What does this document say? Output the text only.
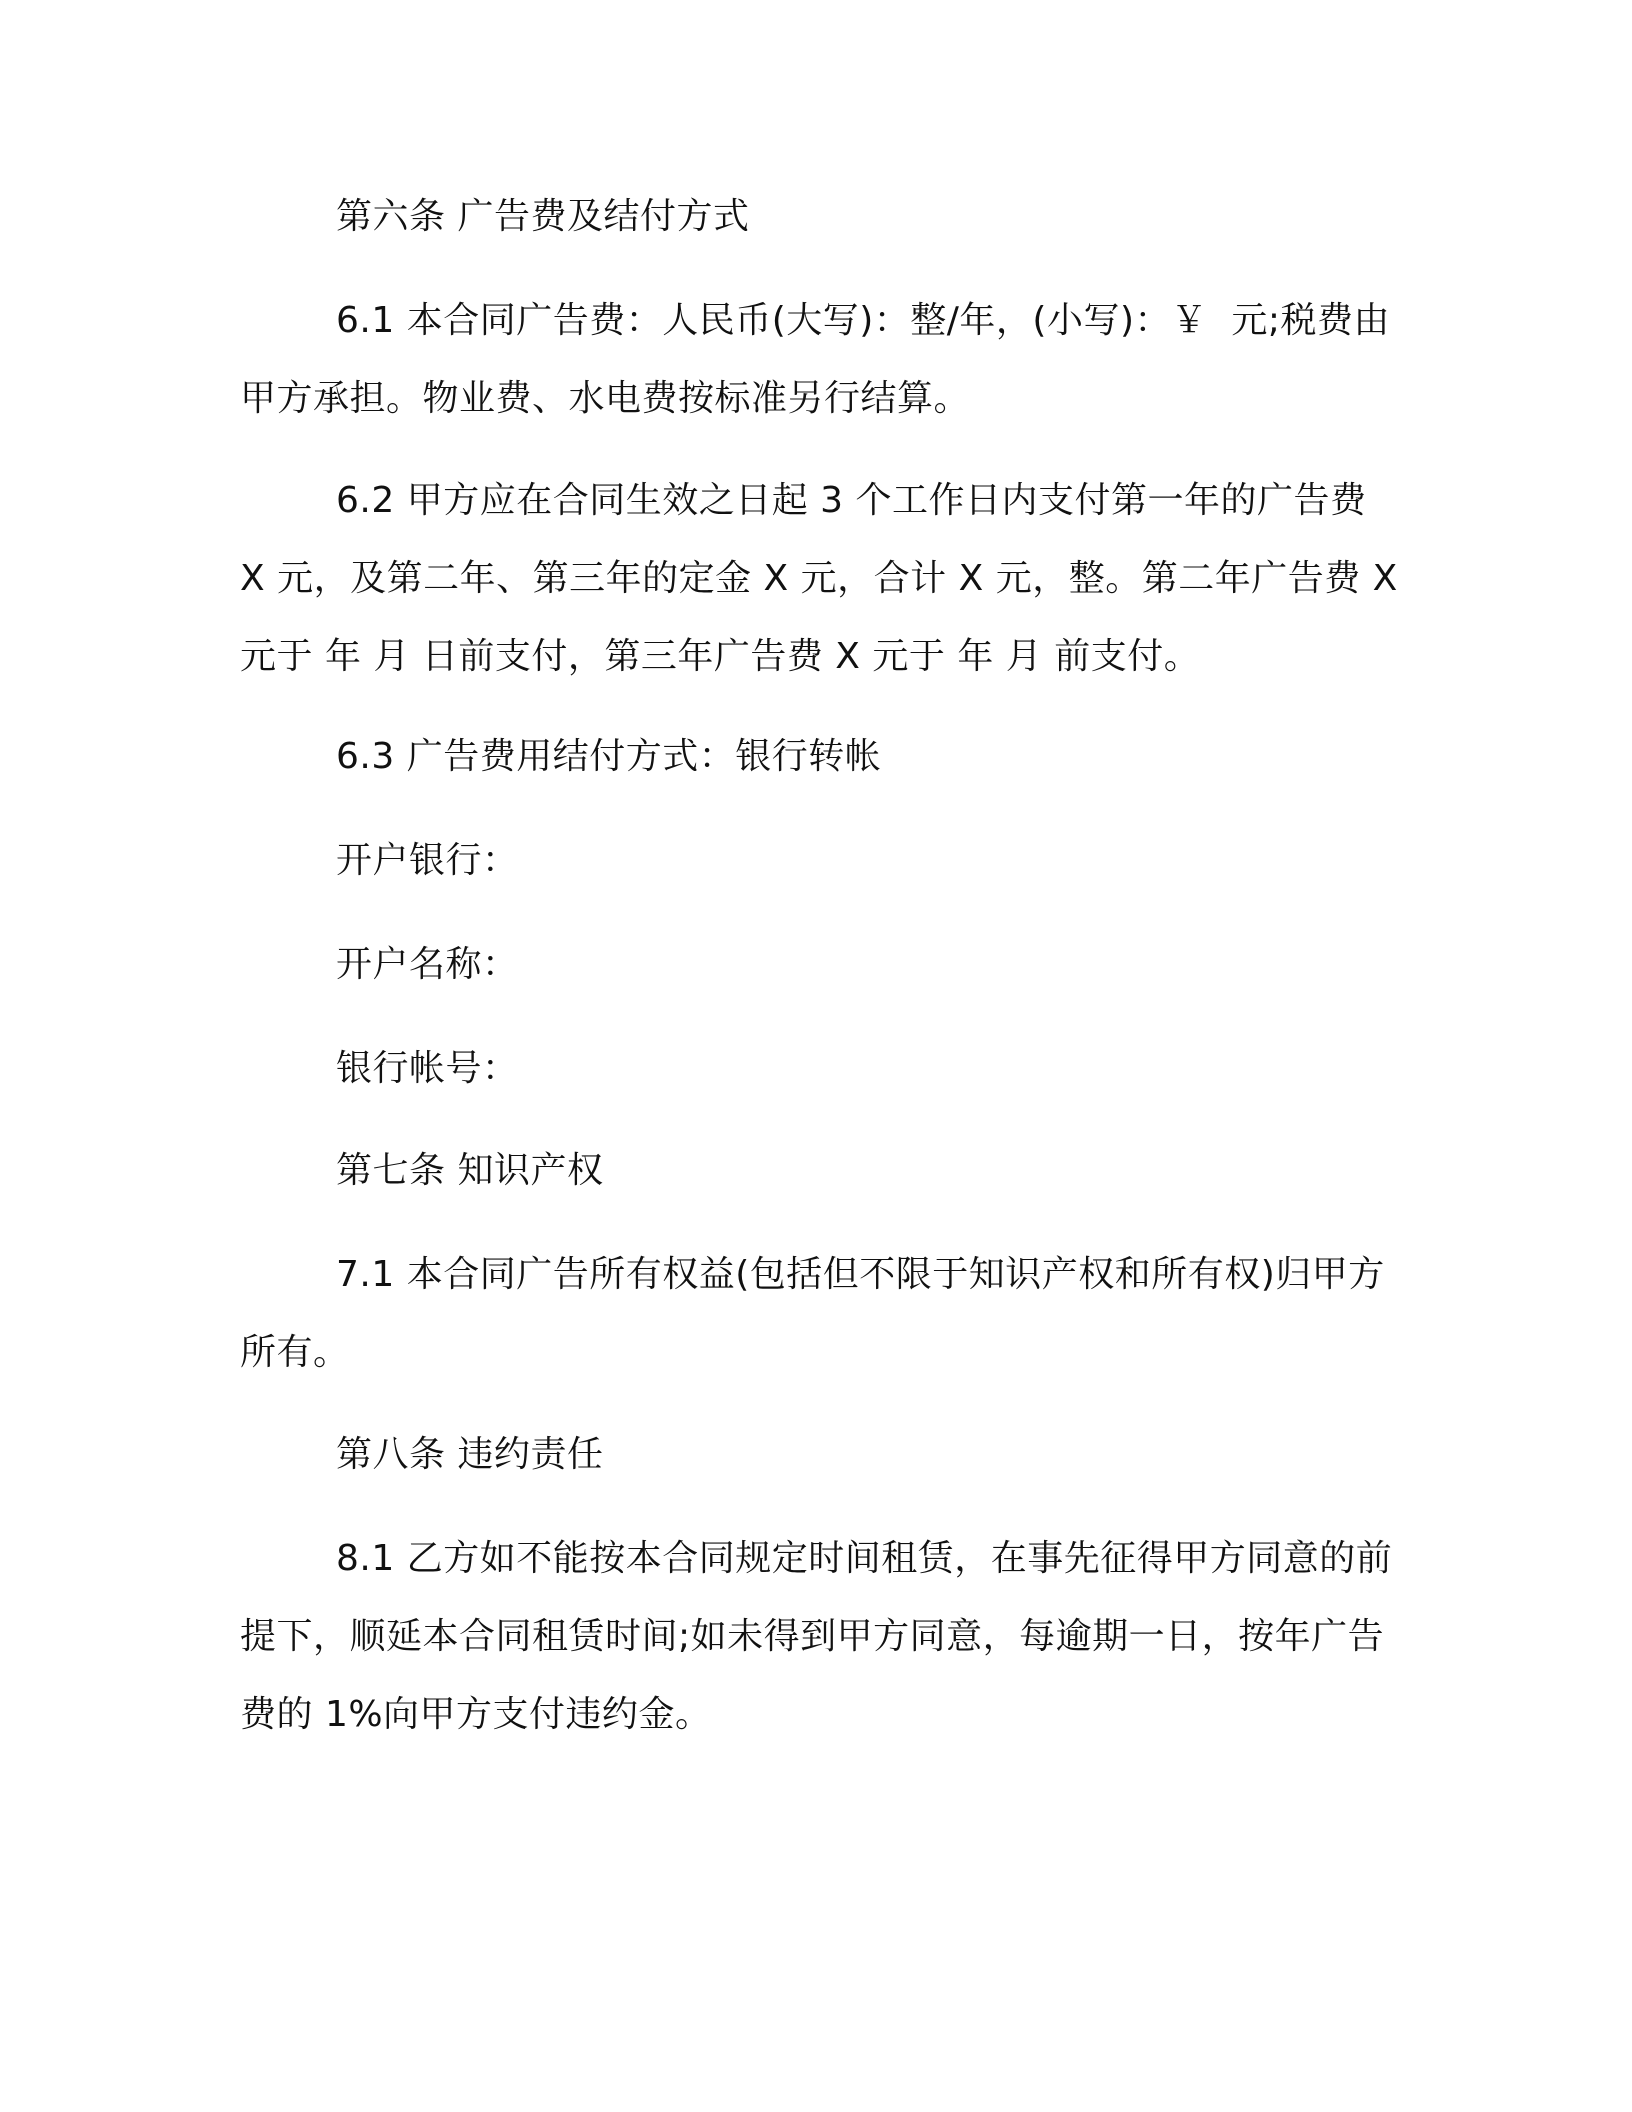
第六条 广告费及结付方式

6.1 本合同广告费：人民币(大写)：整/年，(小写)：￥  元;税费由甲方承担。物业费、水电费按标准另行结算。

6.2 甲方应在合同生效之日起 3 个工作日内支付第一年的广告费 X 元，及第二年、第三年的定金 X 元，合计 X 元，整。第二年广告费 X 元于 年 月 日前支付，第三年广告费 X 元于 年 月 前支付。

6.3 广告费用结付方式：银行转帐

开户银行：

开户名称：

银行帐号：

第七条 知识产权

7.1 本合同广告所有权益(包括但不限于知识产权和所有权)归甲方所有。

第八条 违约责任

8.1 乙方如不能按本合同规定时间租赁，在事先征得甲方同意的前提下，顺延本合同租赁时间;如未得到甲方同意，每逾期一日，按年广告费的 1%向甲方支付违约金。
